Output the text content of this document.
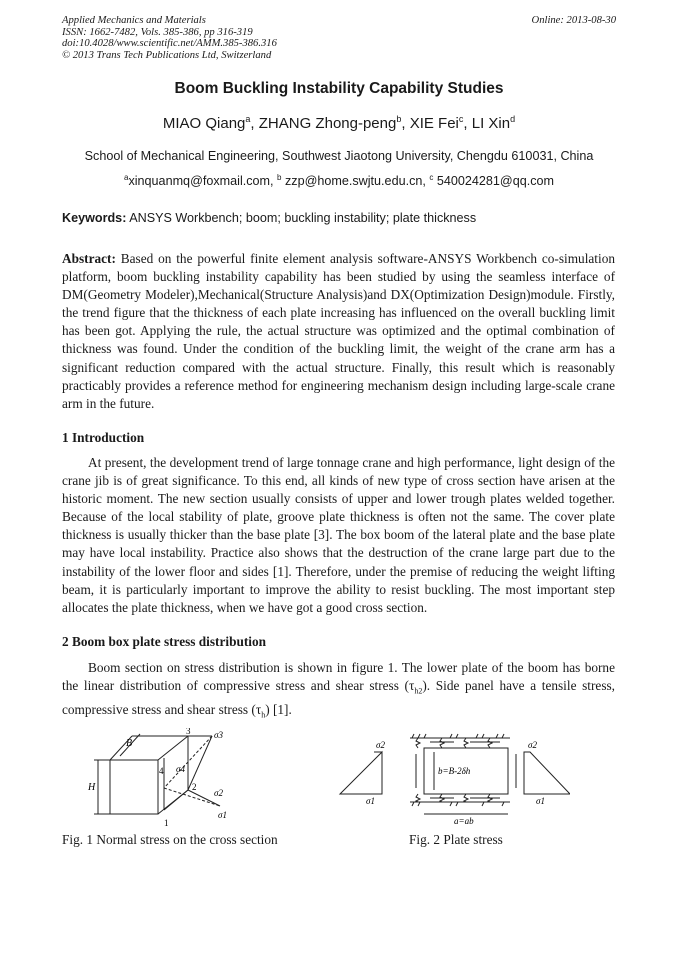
Applied Mechanics and Materials
ISSN: 1662-7482, Vols. 385-386, pp 316-319
doi:10.4028/www.scientific.net/AMM.385-386.316
© 2013 Trans Tech Publications Ltd, Switzerland
Online: 2013-08-30
Boom Buckling Instability Capability Studies
MIAO Qiang$^a$, ZHANG Zhong-peng$^b$, XIE Fei$^c$, LI Xin$^d$
School of Mechanical Engineering, Southwest Jiaotong University, Chengdu 610031, China
$^a$xinquanmq@foxmail.com, $^b$ zzp@home.swjtu.edu.cn, $^c$ 540024281@qq.com
Keywords: ANSYS Workbench; boom; buckling instability; plate thickness
Abstract: Based on the powerful finite element analysis software-ANSYS Workbench co-simulation platform, boom buckling instability capability has been studied by using the seamless interface of DM(Geometry Modeler),Mechanical(Structure Analysis)and DX(Optimization Design)module. Firstly, the trend figure that the thickness of each plate increasing has influenced on the overall buckling limit has been got. Applying the rule, the actual structure was optimized and the optimal combination of thickness was found. Under the condition of the buckling limit, the weight of the crane arm has a significant reduction compared with the actual structure. Finally, this result which is reasonably practicably provides a reference method for engineering mechanism design including large-scale crane arm in the future.
1 Introduction
At present, the development trend of large tonnage crane and high performance, light design of the crane jib is of great significance. To this end, all kinds of new type of cross section have arisen at the historic moment. The new section usually consists of upper and lower trough plates welded together. Because of the local stability of plate, groove plate thickness is often not the same. The cover plate thickness is usually thicker than the base plate [3]. The box boom of the lateral plate and the base plate may have local instability. Practice also shows that the destruction of the crane large part due to the instability of the lower floor and sides [1]. Therefore, under the premise of reducing the weight lifting beam, it is particularly important to improve the ability to resist buckling. The most important step allocates the plate thickness, when we have got a good cross section.
2 Boom box plate stress distribution
Boom section on stress distribution is shown in figure 1. The lower plate of the boom has borne the linear distribution of compressive stress and shear stress $(\tau_{h2})$. Side panel have a tensile stress, compressive stress and shear stress $(\tau_h)$ [1].
B
H
3
4
2
1
σ3
σ4
σ2
σ1
Fig. 1 Normal stress on the cross section
σ2
σ1
σ2
σ1
b=B-2δh
a=ab
Fig. 2 Plate stress
